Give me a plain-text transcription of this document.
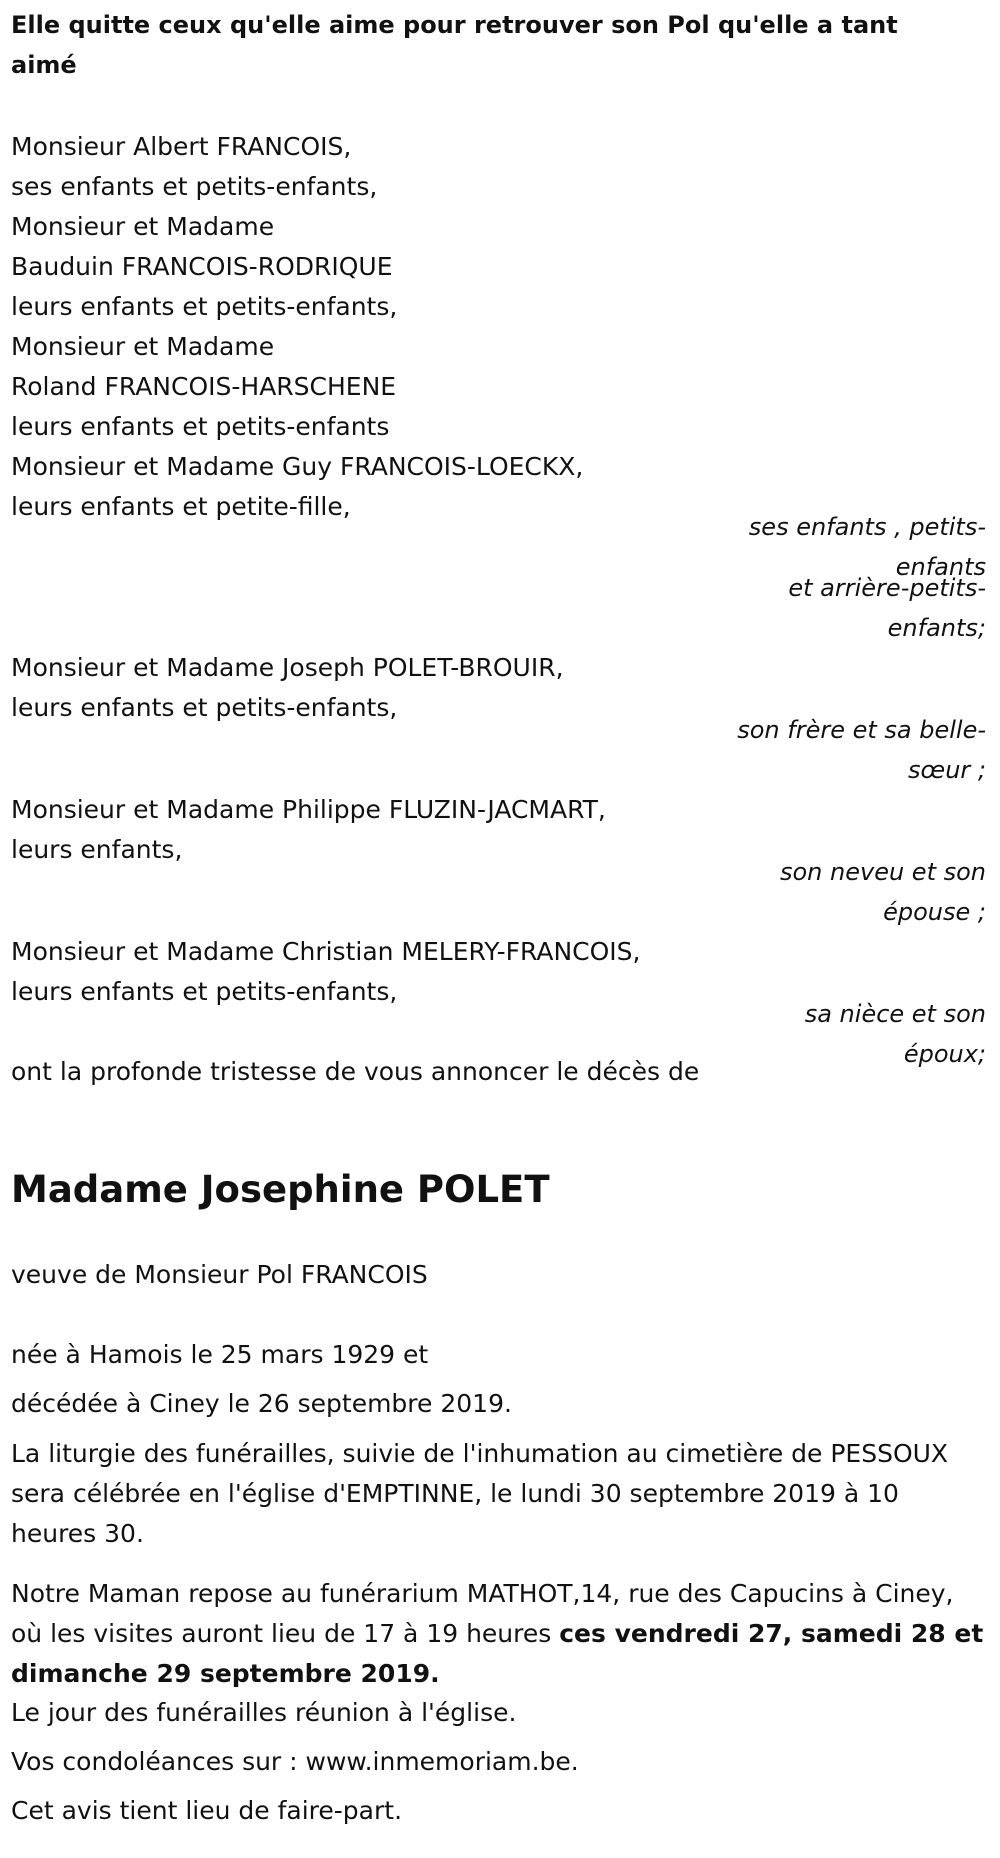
Elle quitte ceux qu'elle aime pour retrouver son Pol qu'elle a tant aimé
Monsieur Albert FRANCOIS,
ses enfants et petits-enfants,
Monsieur et Madame
Bauduin FRANCOIS-RODRIQUE
leurs enfants et petits-enfants,
Monsieur et Madame
Roland FRANCOIS-HARSCHENE
leurs enfants et petits-enfants
Monsieur et Madame Guy FRANCOIS-LOECKX,
leurs enfants et petite-fille,
ses enfants , petits-enfants
et arrière-petits-enfants;
Monsieur et Madame Joseph POLET-BROUIR,
leurs enfants et petits-enfants,
son frère et sa belle-sœur ;
Monsieur et Madame Philippe FLUZIN-JACMART,
leurs enfants,
son neveu et son épouse ;
Monsieur et Madame Christian MELERY-FRANCOIS,
leurs enfants et petits-enfants,
sa nièce et son époux;
ont la profonde tristesse de vous annoncer le décès de
Madame Josephine POLET
veuve de Monsieur Pol FRANCOIS
née à Hamois le 25 mars 1929 et
décédée à Ciney le 26 septembre 2019.
La liturgie des funérailles, suivie de l'inhumation au cimetière de PESSOUX sera célébrée en l'église d'EMPTINNE, le lundi 30 septembre 2019 à 10 heures 30.
Notre Maman repose au funérarium MATHOT,14, rue des Capucins à Ciney, où les visites auront lieu de 17 à 19 heures ces vendredi 27, samedi 28 et dimanche 29 septembre 2019.
Le jour des funérailles réunion à l'église.
Vos condoléances sur : www.inmemoriam.be.
Cet avis tient lieu de faire-part.
